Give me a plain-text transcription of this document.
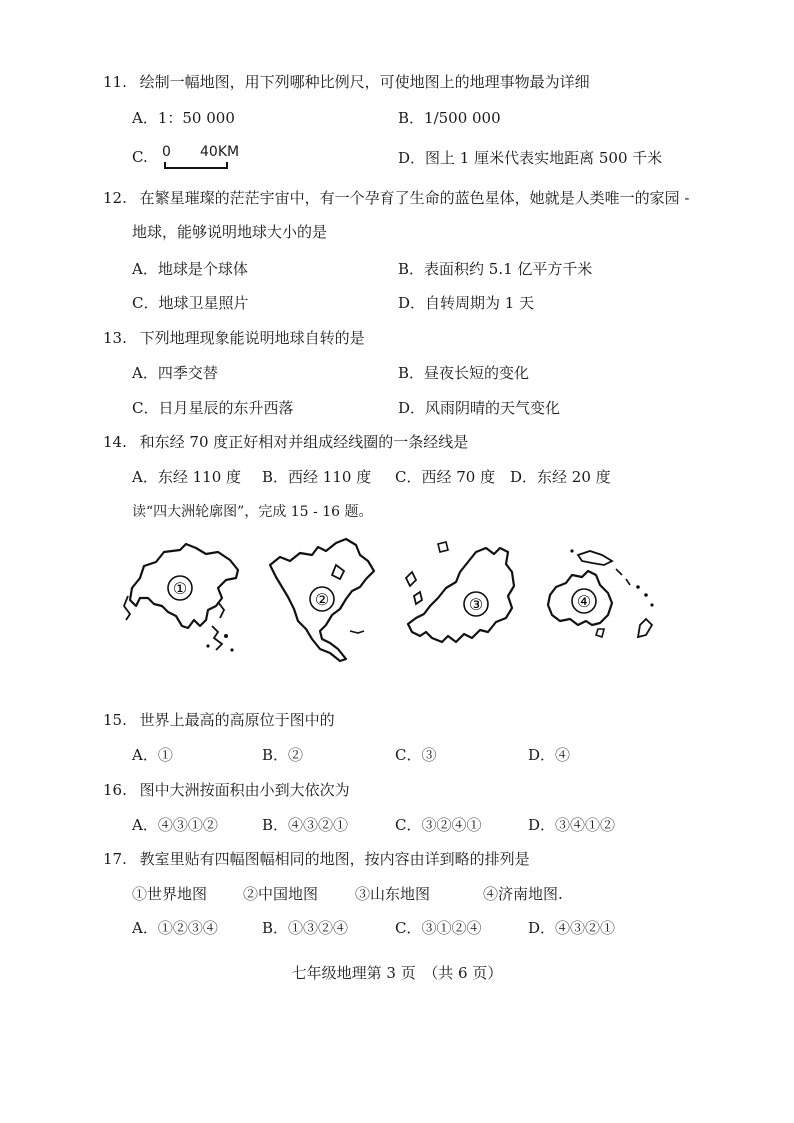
11. 绘制一幅地图，用下列哪种比例尺，可使地图上的地理事物最为详细
A．1：50 000	B．1/500 000
C. 0 40KM	D．图上 1 厘米代表实地距离 500 千米
12. 在繁星璀璨的茫茫宇宙中，有一个孕育了生命的蓝色星体，她就是人类唯一的家园 -
地球，能够说明地球大小的是
A．地球是个球体	B．表面积约 5.1 亿平方千米
C．地球卫星照片	D．自转周期为 1 天
13. 下列地理现象能说明地球自转的是
A．四季交替	B．昼夜长短的变化
C．日月星辰的东升西落	D．风雨阴晴的天气变化
14. 和东经 70 度正好相对并组成经线圈的一条经线是
A．东经 110 度 B．西经 110 度 C．西经 70 度 D．东经 20 度
读“四大洲轮廓图”，完成 15 - 16 题。
①
②	③	④
15. 世界上最高的高原位于图中的
A．①	B．②	C．③	D．④
16. 图中大洲按面积由小到大依次为
A．④③①②	B．④③②①	C．③②④①	D．③④①②
17. 教室里贴有四幅图幅相同的地图，按内容由详到略的排列是
①世界地图 ②中国地图 ③山东地图	④济南地图.
A．①②③④	B．①③②④	C．③①②④	D．④③②①
七年级地理第 3 页　（共 6 页）
